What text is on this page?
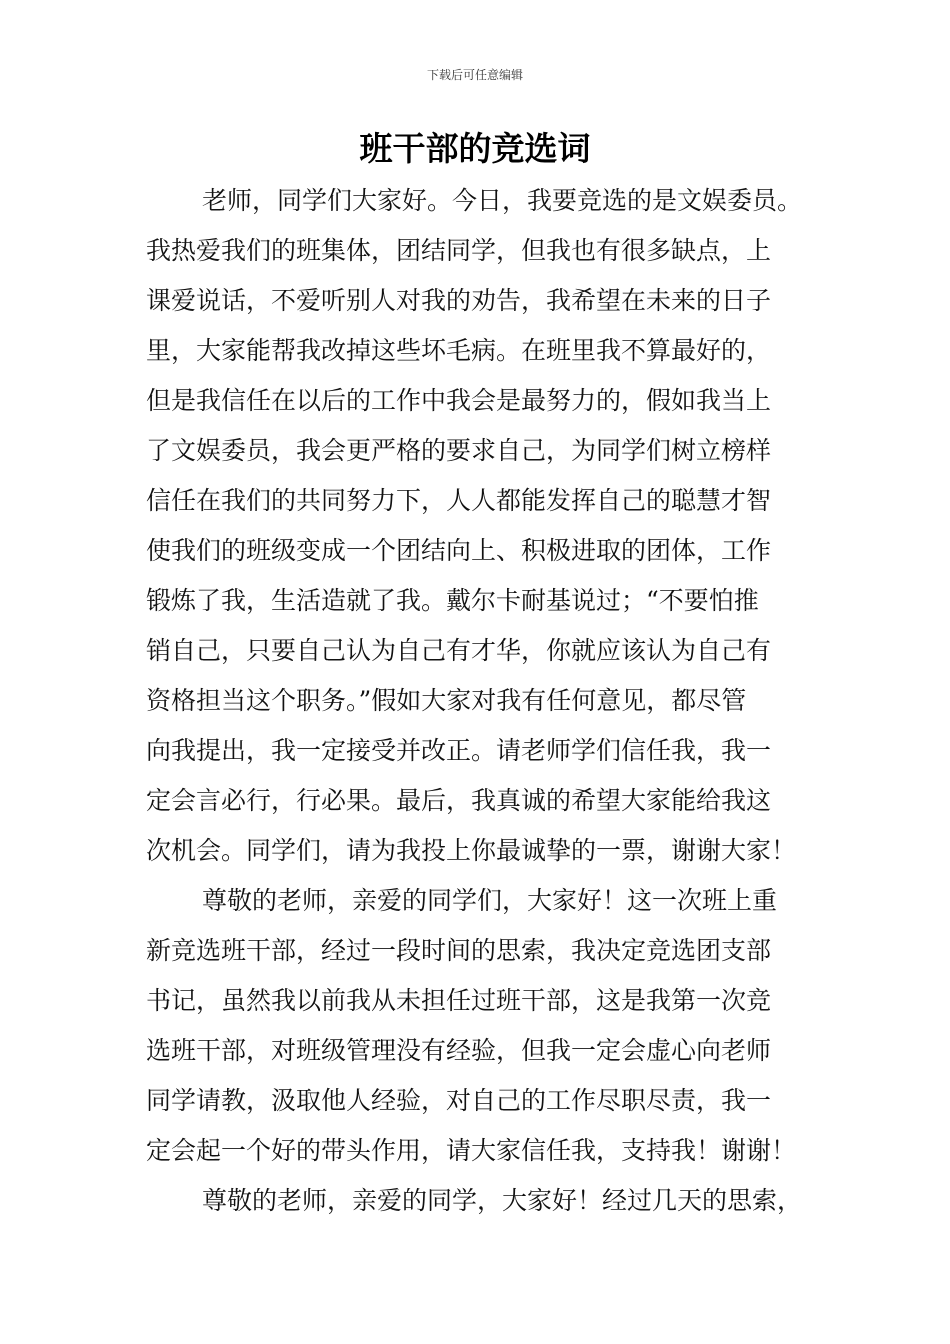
下载后可任意编辑
班干部的竞选词
老师，同学们大家好。今日，我要竞选的是文娱委员。
我热爱我们的班集体，团结同学，但我也有很多缺点，上
课爱说话，不爱听别人对我的劝告，我希望在未来的日子
里，大家能帮我改掉这些坏毛病。在班里我不算最好的，
但是我信任在以后的工作中我会是最努力的，假如我当上
了文娱委员，我会更严格的要求自己，为同学们树立榜样
信任在我们的共同努力下，人人都能发挥自己的聪慧才智
使我们的班级变成一个团结向上、积极进取的团体，工作
锻炼了我，生活造就了我。戴尔卡耐基说过；“不要怕推
销自己，只要自己认为自己有才华，你就应该认为自己有
资格担当这个职务。”假如大家对我有任何意见，都尽管
向我提出，我一定接受并改正。请老师学们信任我，我一
定会言必行，行必果。最后，我真诚的希望大家能给我这
次机会。同学们，请为我投上你最诚挚的一票，谢谢大家！
尊敬的老师，亲爱的同学们，大家好！这一次班上重
新竞选班干部，经过一段时间的思索，我决定竞选团支部
书记，虽然我以前我从未担任过班干部，这是我第一次竞
选班干部，对班级管理没有经验，但我一定会虚心向老师
同学请教，汲取他人经验，对自己的工作尽职尽责，我一
定会起一个好的带头作用，请大家信任我，支持我！谢谢！
尊敬的老师，亲爱的同学，大家好！经过几天的思索，
